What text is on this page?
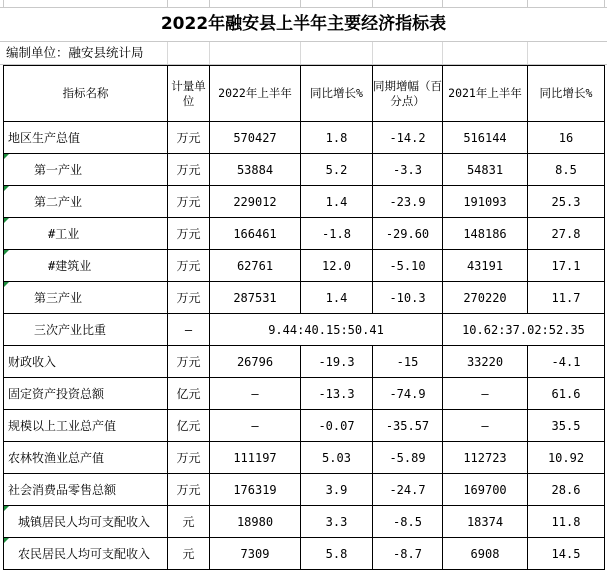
2022年融安县上半年主要经济指标表
编制单位：融安县统计局
指标名称	计量单位	2022年上半年	同比增长%	同期增幅（百分点）	2021年上半年	同比增长%
地区生产总值	万元	570427	1.8	-14.2	516144	16
第一产业	万元	53884	5.2	-3.3	54831	8.5
第二产业	万元	229012	1.4	-23.9	191093	25.3
#工业	万元	166461	-1.8	-29.60	148186	27.8
#建筑业	万元	62761	12.0	-5.10	43191	17.1
第三产业	万元	287531	1.4	-10.3	270220	11.7
三次产业比重	—	9.44:40.15:50.41			10.62:37.02:52.35	
财政收入	万元	26796	-19.3	-15	33220	-4.1
固定资产投资总额	亿元	—	-13.3	-74.9	—	61.6
规模以上工业总产值	亿元	—	-0.07	-35.57	—	35.5
农林牧渔业总产值	万元	111197	5.03	-5.89	112723	10.92
社会消费品零售总额	万元	176319	3.9	-24.7	169700	28.6
城镇居民人均可支配收入	元	18980	3.3	-8.5	18374	11.8
农民居民人均可支配收入	元	7309	5.8	-8.7	6908	14.5
